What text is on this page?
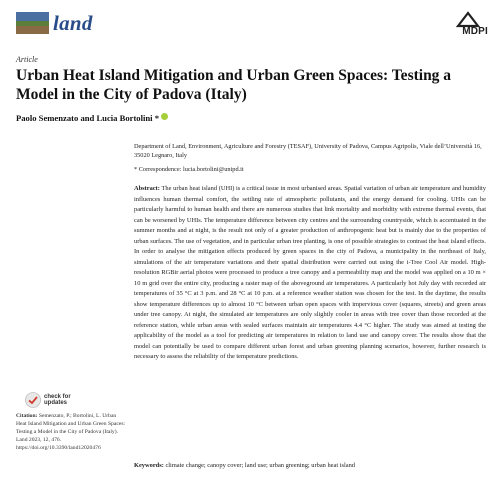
land	MDPI
Article
Urban Heat Island Mitigation and Urban Green Spaces: Testing a Model in the City of Padova (Italy)
Paolo Semenzato and Lucia Bortolini *
Department of Land, Environment, Agriculture and Forestry (TESAF), University of Padova, Campus Agripolis, Viale dell’Università 16, 35020 Legnaro, Italy
* Correspondence: lucia.bortolini@unipd.it
Abstract: The urban heat island (UHI) is a critical issue in most urbanised areas. Spatial variation of urban air temperature and humidity influences human thermal comfort, the settling rate of atmospheric pollutants, and the energy demand for cooling. UHIs can be particularly harmful to human health and there are numerous studies that link mortality and morbidity with extreme thermal events, that can be worsened by UHIs. The temperature difference between city centres and the surrounding countryside, which is accentuated in the summer months and at night, is the result not only of a greater production of anthropogenic heat but is mainly due to the properties of urban surfaces. The use of vegetation, and in particular urban tree planting, is one of possible strategies to contrast the heat island effects. In order to analyse the mitigation effects produced by green spaces in the city of Padova, a municipality in the northeast of Italy, simulations of the air temperature variations and their spatial distribution were carried out using the i-Tree Cool Air model. High-resolution RGBir aerial photos were processed to produce a tree canopy and a permeability map and the model was applied on a 10 m × 10 m grid over the entire city, producing a raster map of the aboveground air temperatures. A particularly hot July day with recorded air temperatures of 35 °C at 3 p.m. and 28 °C at 10 p.m. at a reference weather station was chosen for the test. In the daytime, the results show temperature differences up to almost 10 °C between urban open spaces with impervious cover (squares, streets) and green areas under tree canopy. At night, the simulated air temperatures are only slightly cooler in areas with tree cover than those recorded at the reference station, while urban areas with sealed surfaces maintain air temperatures 4.4 °C higher. The study was aimed at testing the applicability of the model as a tool for predicting air temperatures in relation to land use and canopy cover. The results show that the model can potentially be used to compare different urban forest and urban greening planning scenarios, however, further research is necessary to assess the reliability of the temperature predictions.
Keywords: climate change; canopy cover; land use; urban greening; urban heat island
check for
updates
Citation: Semenzato, P.; Bortolini, L. Urban Heat Island Mitigation and Urban Green Spaces: Testing a Model in the City of Padova (Italy). Land 2023, 12, 476. https://doi.org/10.3390/land12020476
